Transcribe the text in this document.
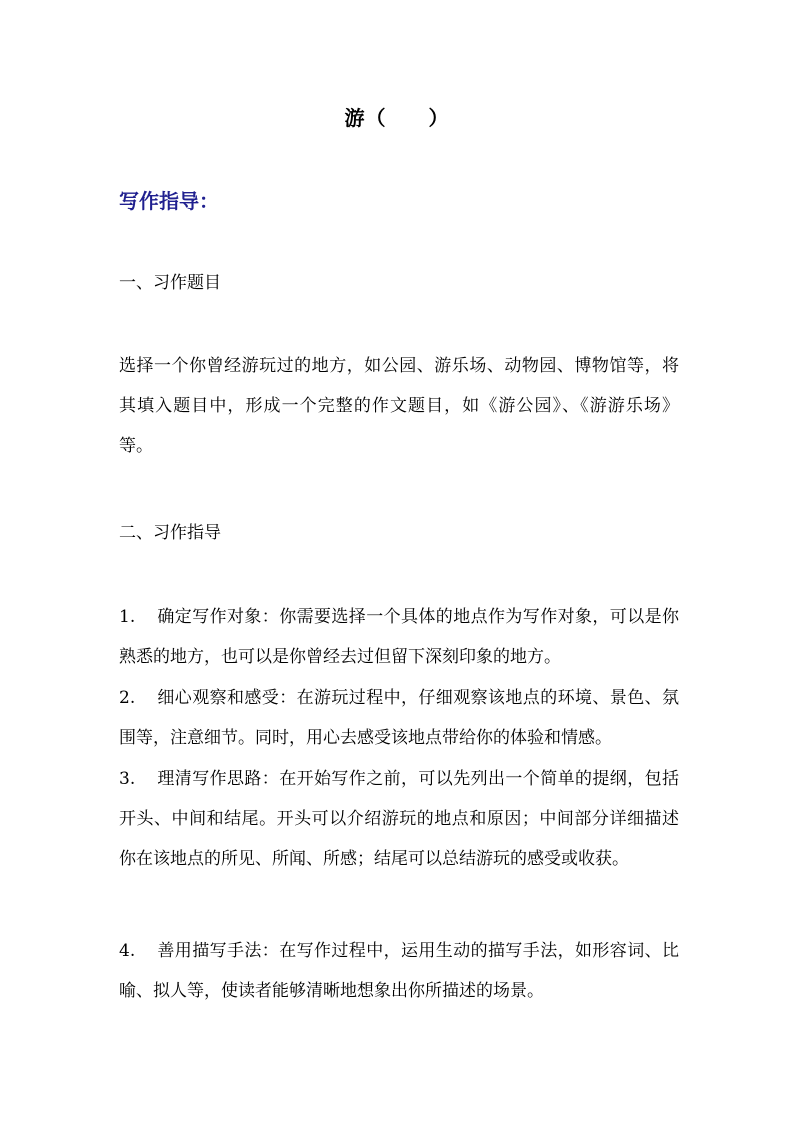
游（　　）
写作指导：
一、习作题目
选择一个你曾经游玩过的地方，如公园、游乐场、动物园、博物馆等，将其填入题目中，形成一个完整的作文题目，如《游公园》、《游游乐场》等。
二、习作指导
1. 确定写作对象：你需要选择一个具体的地点作为写作对象，可以是你熟悉的地方，也可以是你曾经去过但留下深刻印象的地方。
2. 细心观察和感受：在游玩过程中，仔细观察该地点的环境、景色、氛围等，注意细节。同时，用心去感受该地点带给你的体验和情感。
3. 理清写作思路：在开始写作之前，可以先列出一个简单的提纲，包括开头、中间和结尾。开头可以介绍游玩的地点和原因；中间部分详细描述你在该地点的所见、所闻、所感；结尾可以总结游玩的感受或收获。
4. 善用描写手法：在写作过程中，运用生动的描写手法，如形容词、比喻、拟人等，使读者能够清晰地想象出你所描述的场景。
